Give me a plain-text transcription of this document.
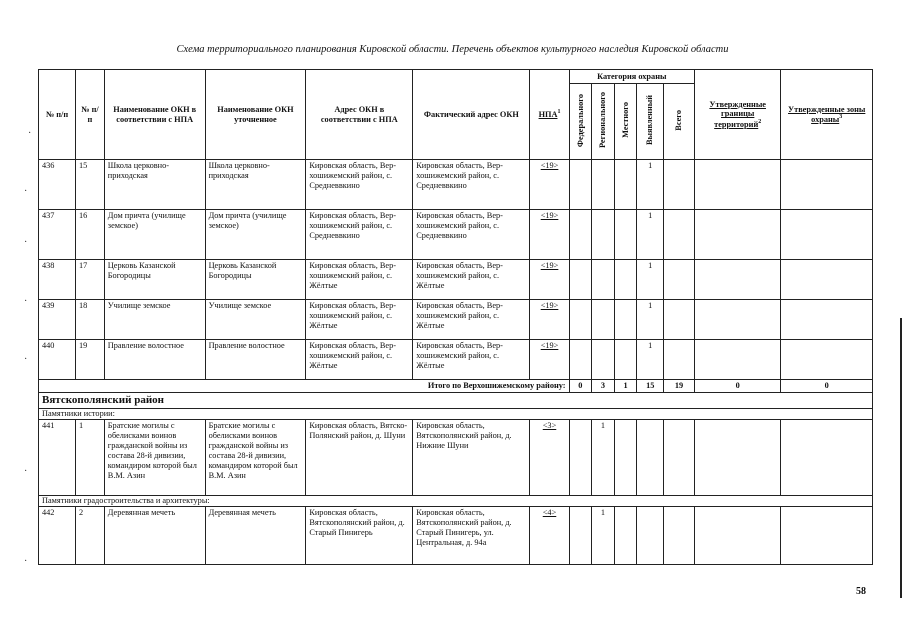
Схема территориального планирования Кировской области. Перечень объектов культурного наследия Кировской области
№ п/п	№ п/п	Наименование ОКН в соответствии с НПА	Наименование ОКН уточненное	Адрес ОКН в соответствии с НПА	Фактический адрес ОКН	НПА$^1$	Категория охраны					Утвержденные границы территорий$^2$	Утвержденные зоны охраны$^3$
							Федерального	Регионального	Местного	Выявленный	Всего		
436	15	Школа церковно-приходская	Школа церковно-приходская	Кировская область, Вер-хошижемский район, с. Средневвкино	Кировская область, Вер-хошижемский район, с. Средневвкино	<19>				1			
437	16	Дом причта (училище земское)	Дом причта (училище земское)	Кировская область, Вер-хошижемский район, с. Средневвкино	Кировская область, Вер-хошижемский район, с. Средневвкино	<19>				1			
438	17	Церковь Казанской Богородицы	Церковь Казанской Богородицы	Кировская область, Вер-хошижемский район, с. Жёлтые	Кировская область, Вер-хошижемский район, с. Жёлтые	<19>				1			
439	18	Училище земское	Училище земское	Кировская область, Вер-хошижемский район, с. Жёлтые	Кировская область, Вер-хошижемский район, с. Жёлтые	<19>				1			
440	19	Правление волостное	Правление волостное	Кировская область, Вер-хошижемский район, с. Жёлтые	Кировская область, Вер-хошижемский район, с. Жёлтые	<19>				1			
Итого по Верхошижемскому району:							0	3	1	15	19	0	0
Вятскополянский район													
Памятники истории:													
441	1	Братские могилы с обелисками воинов гражданской войны из состава 28-й дивизии, командиром которой был В.М. Азин	Братские могилы с обелисками воинов гражданской войны из состава 28-й дивизии, командиром которой был В.М. Азин	Кировская область, Вятско-Полянский район, д. Шуни	Кировская область, Вятскополянский район, д. Нижние Шуни	<3>		1					
Памятники градостроительства и архитектуры:													
442	2	Деревянная мечеть	Деревянная мечеть	Кировская область, Вятскополянский район, д. Старый Пинигерь	Кировская область, Вятскополянский район, д. Старый Пинигерь, ул. Центральная, д. 94а	<4>		1					
58
·
·
·
·
·
·
·
